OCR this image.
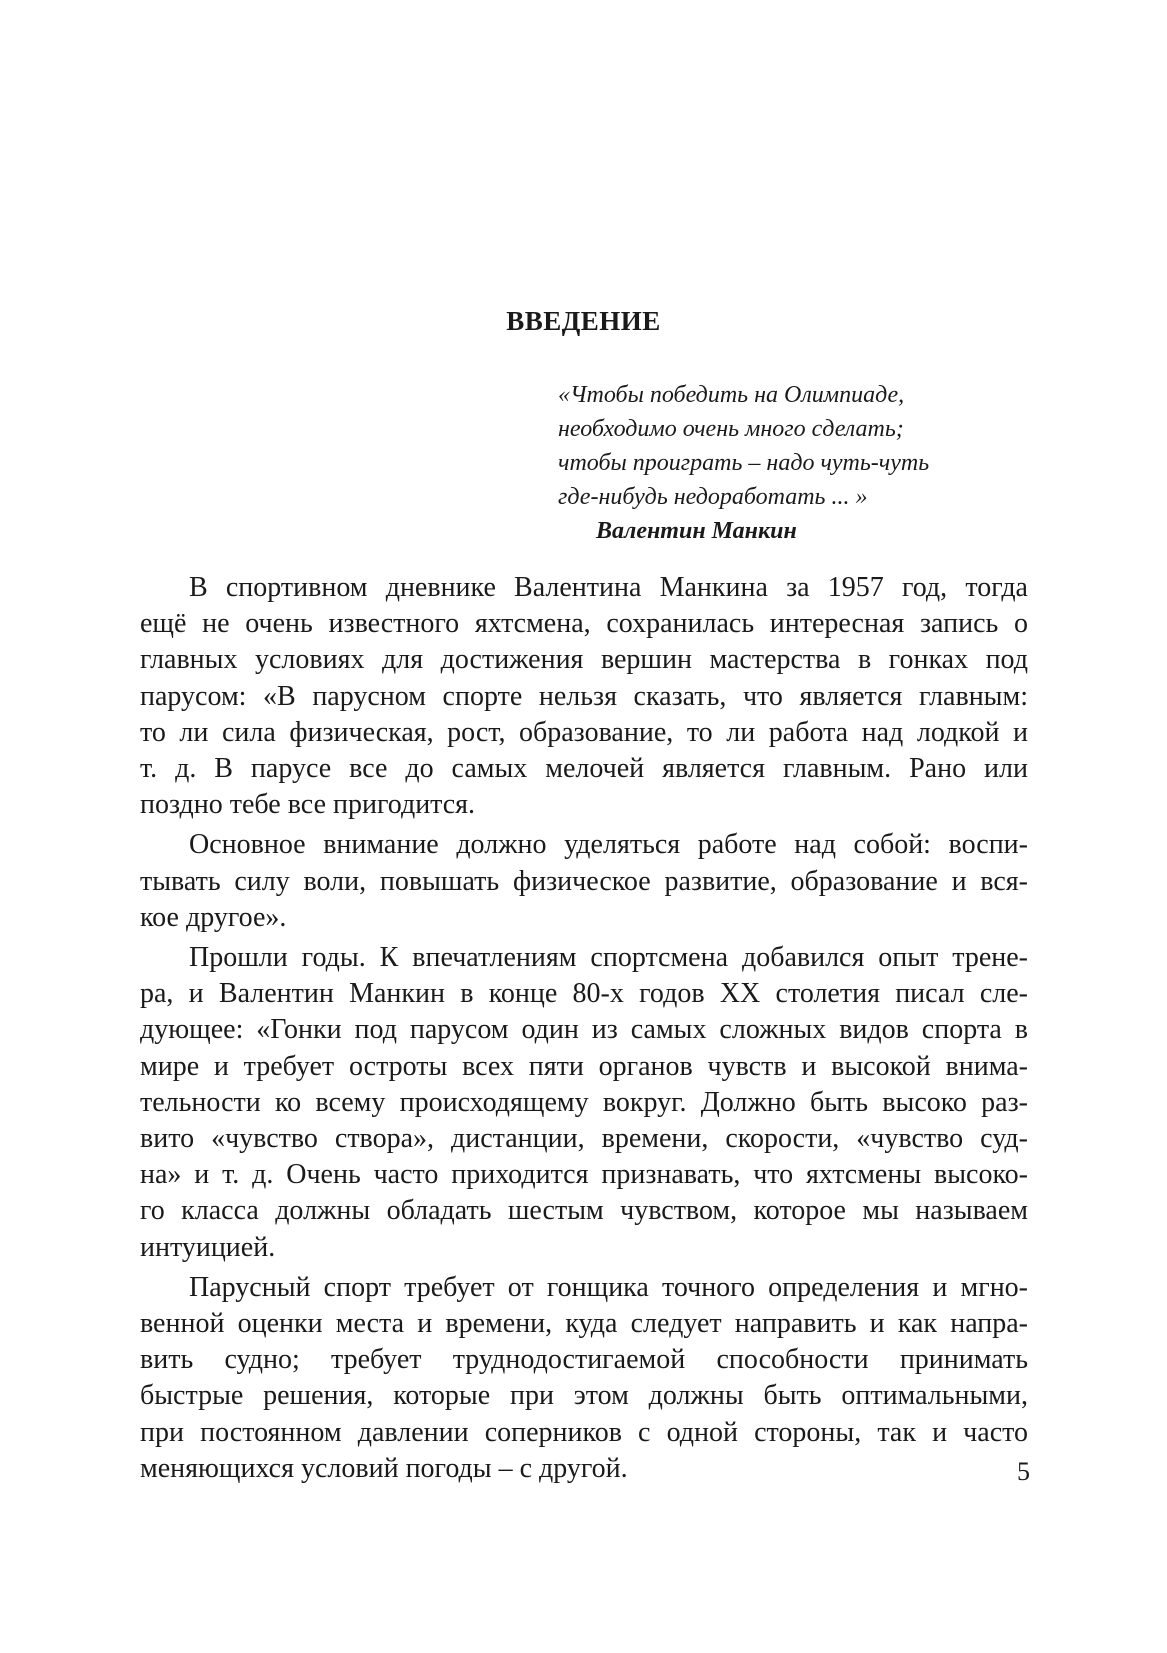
ВВЕДЕНИЕ
«Чтобы победить на Олимпиаде,
необходимо очень много сделать;
чтобы проиграть – надо чуть-чуть
где-нибудь недоработать ... »
Валентин Манкин
В спортивном дневнике Валентина Манкина за 1957 год, тогда
ещё не очень известного яхтсмена, сохранилась интересная запись о
главных условиях для достижения вершин мастерства в гонках под
парусом: «В парусном спорте нельзя сказать, что является главным:
то ли сила физическая, рост, образование, то ли работа над лодкой и
т. д. В парусе все до самых мелочей является главным. Рано или
поздно тебе все пригодится.
Основное внимание должно уделяться работе над собой: воспи-
тывать силу воли, повышать физическое развитие, образование и вся-
кое другое».
Прошли годы. К впечатлениям спортсмена добавился опыт трене-
ра, и Валентин Манкин в конце 80-х годов XX столетия писал сле-
дующее: «Гонки под парусом один из самых сложных видов спорта в
мире и требует остроты всех пяти органов чувств и высокой внима-
тельности ко всему происходящему вокруг. Должно быть высоко раз-
вито «чувство створа», дистанции, времени, скорости, «чувство суд-
на» и т. д. Очень часто приходится признавать, что яхтсмены высоко-
го класса должны обладать шестым чувством, которое мы называем
интуицией.
Парусный спорт требует от гонщика точного определения и мгно-
венной оценки места и времени, куда следует направить и как напра-
вить судно; требует труднодостигаемой способности принимать
быстрые решения, которые при этом должны быть оптимальными,
при постоянном давлении соперников с одной стороны, так и часто
меняющихся условий погоды – с другой.	5
